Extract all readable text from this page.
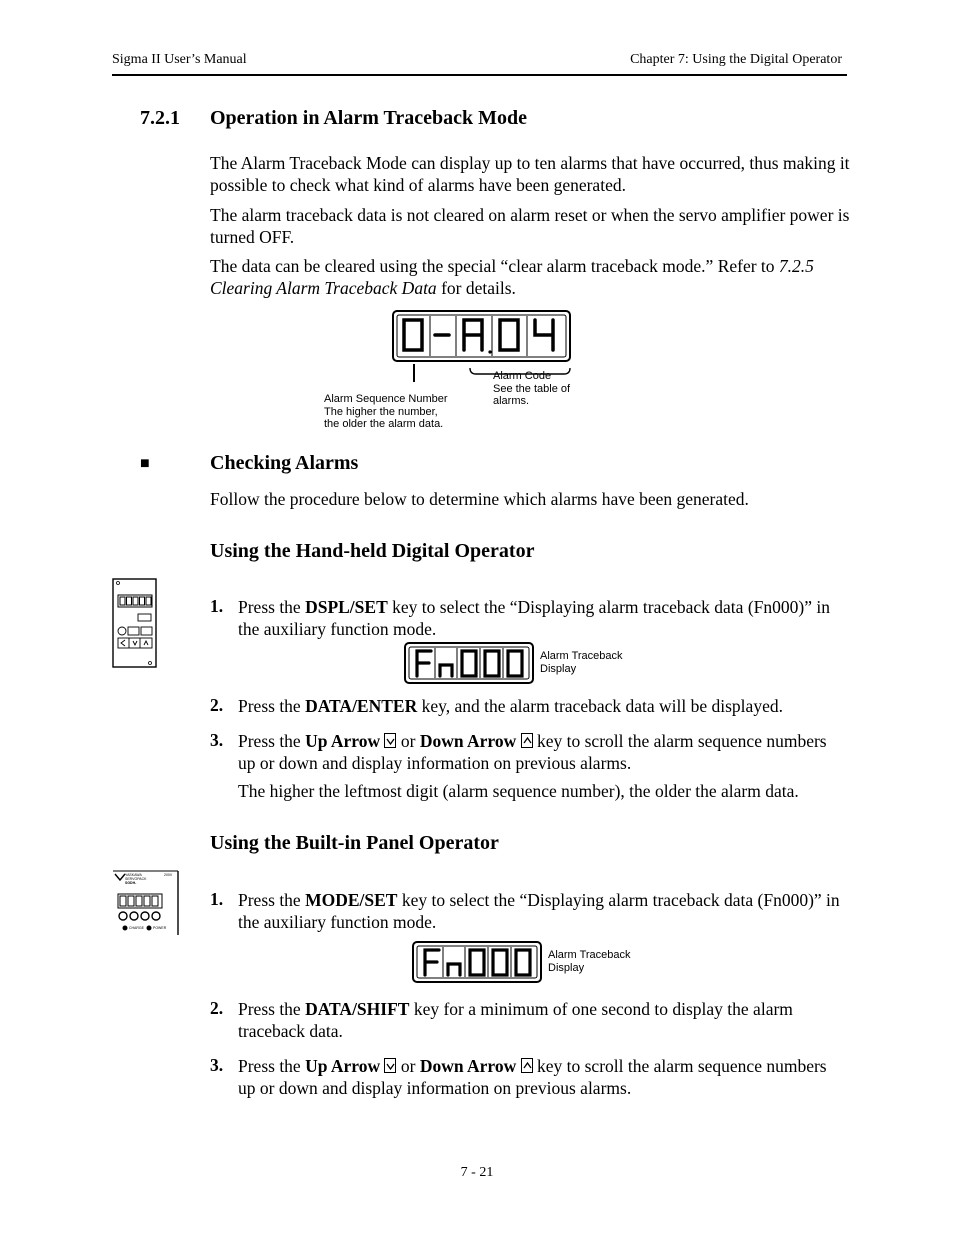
Sigma II User’s Manual	Chapter 7: Using the Digital Operator
7.2.1 Operation in Alarm Traceback Mode
The Alarm Traceback Mode can display up to ten alarms that have occurred, thus making it possible to check what kind of alarms have been generated.
The alarm traceback data is not cleared on alarm reset or when the servo amplifier power is turned OFF.
The data can be cleared using the special “clear alarm traceback mode.” Refer to 7.2.5 Clearing Alarm Traceback Data for details.
Alarm Code
See the table of
alarms.
Alarm Sequence Number
The higher the number,
the older the alarm data.
■	Checking Alarms
Follow the procedure below to determine which alarms have been generated.
Using the Hand-held Digital Operator
1. Press the DSPL/SET key to select the “Displaying alarm traceback data (Fn000)” in the auxiliary function mode.
Alarm Traceback
Display
2. Press the DATA/ENTER key, and the alarm traceback data will be displayed.
3. Press the Up Arrow
or Down Arrow
key to scroll the alarm sequence numbers up or down and display information on previous alarms.
The higher the leftmost digit (alarm sequence number), the older the alarm data.
Using the Built-in Panel Operator
YASKAWA
SERVOPACK
SGDH-
200V
CHARGE	POWER
1. Press the MODE/SET key to select the “Displaying alarm traceback data (Fn000)” in the auxiliary function mode.
Alarm Traceback
Display
2. Press the DATA/SHIFT key for a minimum of one second to display the alarm traceback data.
3. Press the Up Arrow
or Down Arrow
key to scroll the alarm sequence numbers up or down and display information on previous alarms.
7 - 21
